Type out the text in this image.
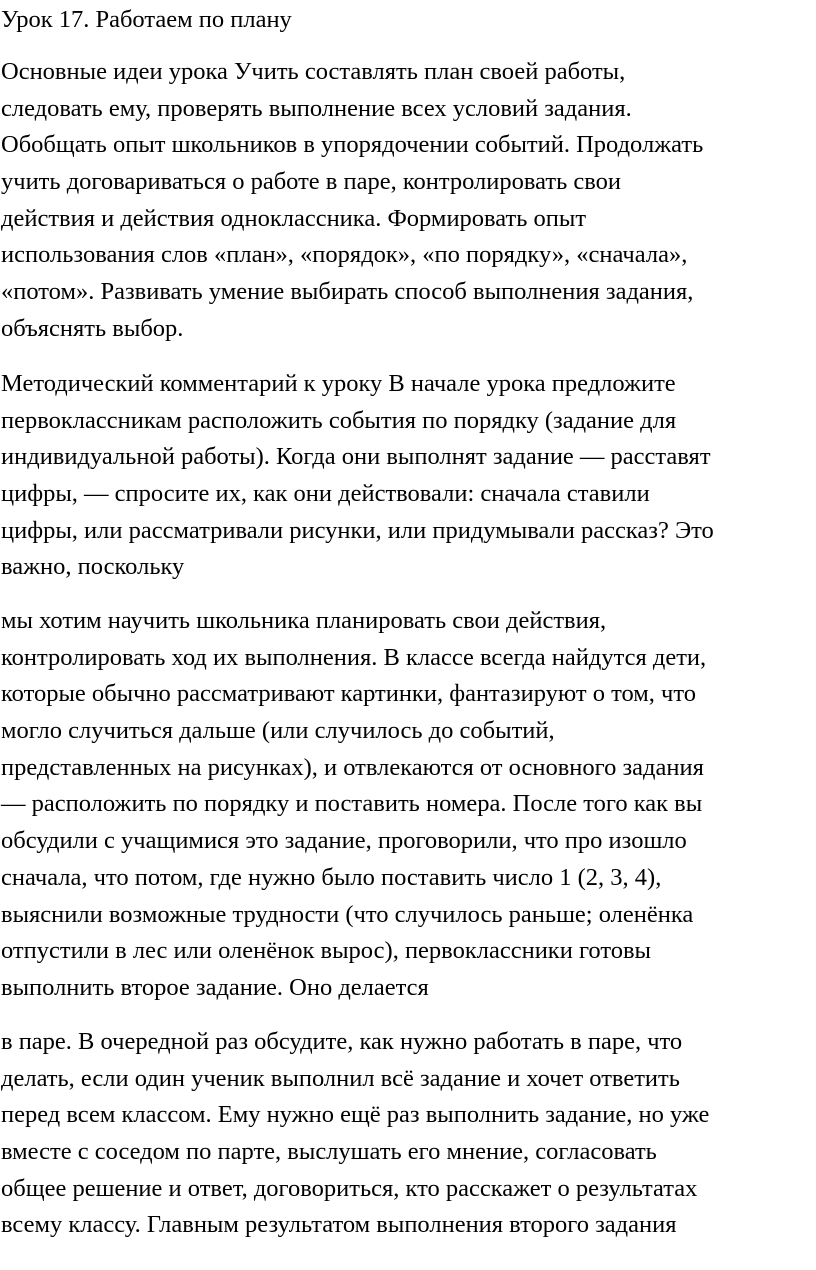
Урок 17. Работаем по плану

Основные идеи урока Учить составлять план своей работы,
следовать ему, проверять выполнение всех условий задания.
Обобщать опыт школьников в упорядочении событий. Продолжать
учить договариваться о работе в паре, контролировать свои
действия и действия одноклассника. Формировать опыт
использования слов «план», «порядок», «по порядку», «сначала»,
«потом». Развивать умение выбирать способ выполнения задания,
объяснять выбор.

Методический комментарий к уроку В начале урока предложите
первоклассникам расположить события по порядку (задание для
индивидуальной работы). Когда они выполнят задание — расставят
цифры, — спросите их, как они действовали: сначала ставили
цифры, или рассматривали рисунки, или придумывали рассказ? Это
важно, поскольку

мы хотим научить школьника планировать свои действия,
контролировать ход их выполнения. В классе всегда найдутся дети,
которые обычно рассматривают картинки, фантазируют о том, что
могло случиться дальше (или случилось до событий,
представленных на рисунках), и отвлекаются от основного задания
— расположить по порядку и поставить номера. После того как вы
обсудили с учащимися это задание, проговорили, что про изошло
сначала, что потом, где нужно было поставить число 1 (2, 3, 4),
выяснили возможные трудности (что случилось раньше; оленёнка
отпустили в лес или оленёнок вырос), первоклассники готовы
выполнить второе задание. Оно делается

в паре. В очередной раз обсудите, как нужно работать в паре, что
делать, если один ученик выполнил всё задание и хочет ответить
перед всем классом. Ему нужно ещё раз выполнить задание, но уже
вместе с соседом по парте, выслушать его мнение, согласовать
общее решение и ответ, договориться, кто расскажет о результатах
всему классу. Главным результатом выполнения второго задания
